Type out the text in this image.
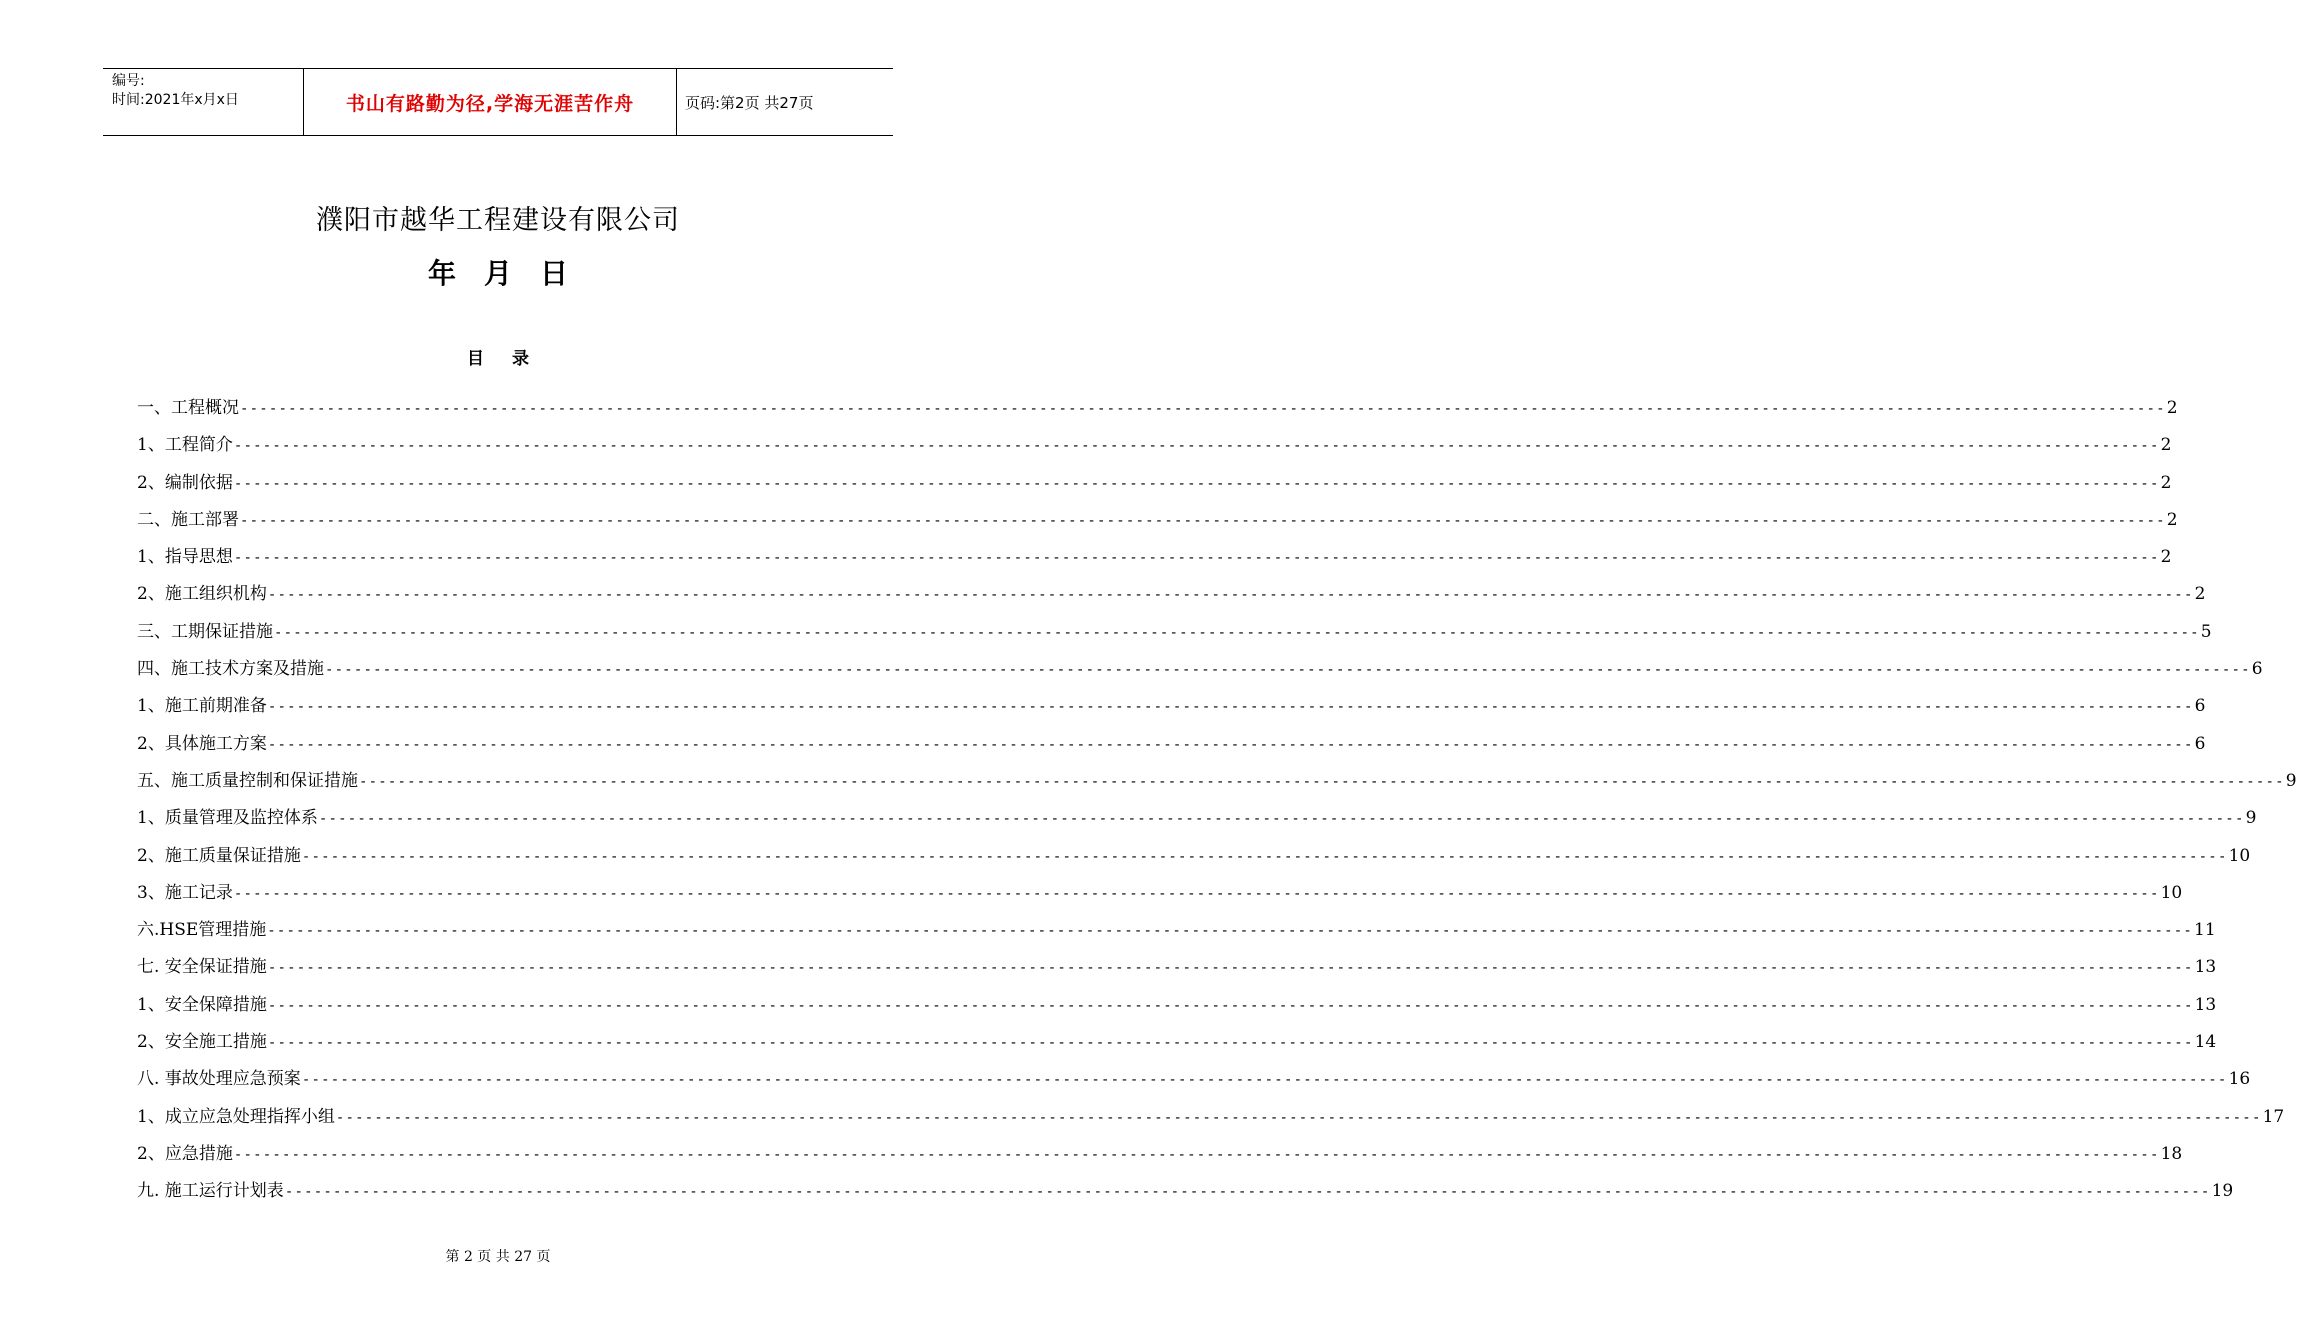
编号:
时间:2021年x月x日	书山有路勤为径,学海无涯苦作舟	页码:第2页 共27页
濮阳市越华工程建设有限公司
年 月 日
目 录
一、工程概况 -------------------------------------------------------------------------------------------------------------------------------------------------------------------------------------------------------- 2
1、工程简介 -------------------------------------------------------------------------------------------------------------------------------------------------------------------------------------------------------- 2
2、编制依据 -------------------------------------------------------------------------------------------------------------------------------------------------------------------------------------------------------- 2
二、施工部署 -------------------------------------------------------------------------------------------------------------------------------------------------------------------------------------------------------- 2
1、指导思想 -------------------------------------------------------------------------------------------------------------------------------------------------------------------------------------------------------- 2
2、施工组织机构 -------------------------------------------------------------------------------------------------------------------------------------------------------------------------------------------------------- 2
三、工期保证措施 -------------------------------------------------------------------------------------------------------------------------------------------------------------------------------------------------------- 5
四、施工技术方案及措施 -------------------------------------------------------------------------------------------------------------------------------------------------------------------------------------------------------- 6
1、施工前期准备 -------------------------------------------------------------------------------------------------------------------------------------------------------------------------------------------------------- 6
2、具体施工方案 -------------------------------------------------------------------------------------------------------------------------------------------------------------------------------------------------------- 6
五、施工质量控制和保证措施 -------------------------------------------------------------------------------------------------------------------------------------------------------------------------------------------------------- 9
1、质量管理及监控体系 -------------------------------------------------------------------------------------------------------------------------------------------------------------------------------------------------------- 9
2、施工质量保证措施 -------------------------------------------------------------------------------------------------------------------------------------------------------------------------------------------------------- 10
3、施工记录 -------------------------------------------------------------------------------------------------------------------------------------------------------------------------------------------------------- 10
六.HSE管理措施 -------------------------------------------------------------------------------------------------------------------------------------------------------------------------------------------------------- 11
七. 安全保证措施 -------------------------------------------------------------------------------------------------------------------------------------------------------------------------------------------------------- 13
1、安全保障措施 -------------------------------------------------------------------------------------------------------------------------------------------------------------------------------------------------------- 13
2、安全施工措施 -------------------------------------------------------------------------------------------------------------------------------------------------------------------------------------------------------- 14
八. 事故处理应急预案 -------------------------------------------------------------------------------------------------------------------------------------------------------------------------------------------------------- 16
1、成立应急处理指挥小组 -------------------------------------------------------------------------------------------------------------------------------------------------------------------------------------------------------- 17
2、应急措施 -------------------------------------------------------------------------------------------------------------------------------------------------------------------------------------------------------- 18
九. 施工运行计划表 -------------------------------------------------------------------------------------------------------------------------------------------------------------------------------------------------------- 19
第 2 页 共 27 页
